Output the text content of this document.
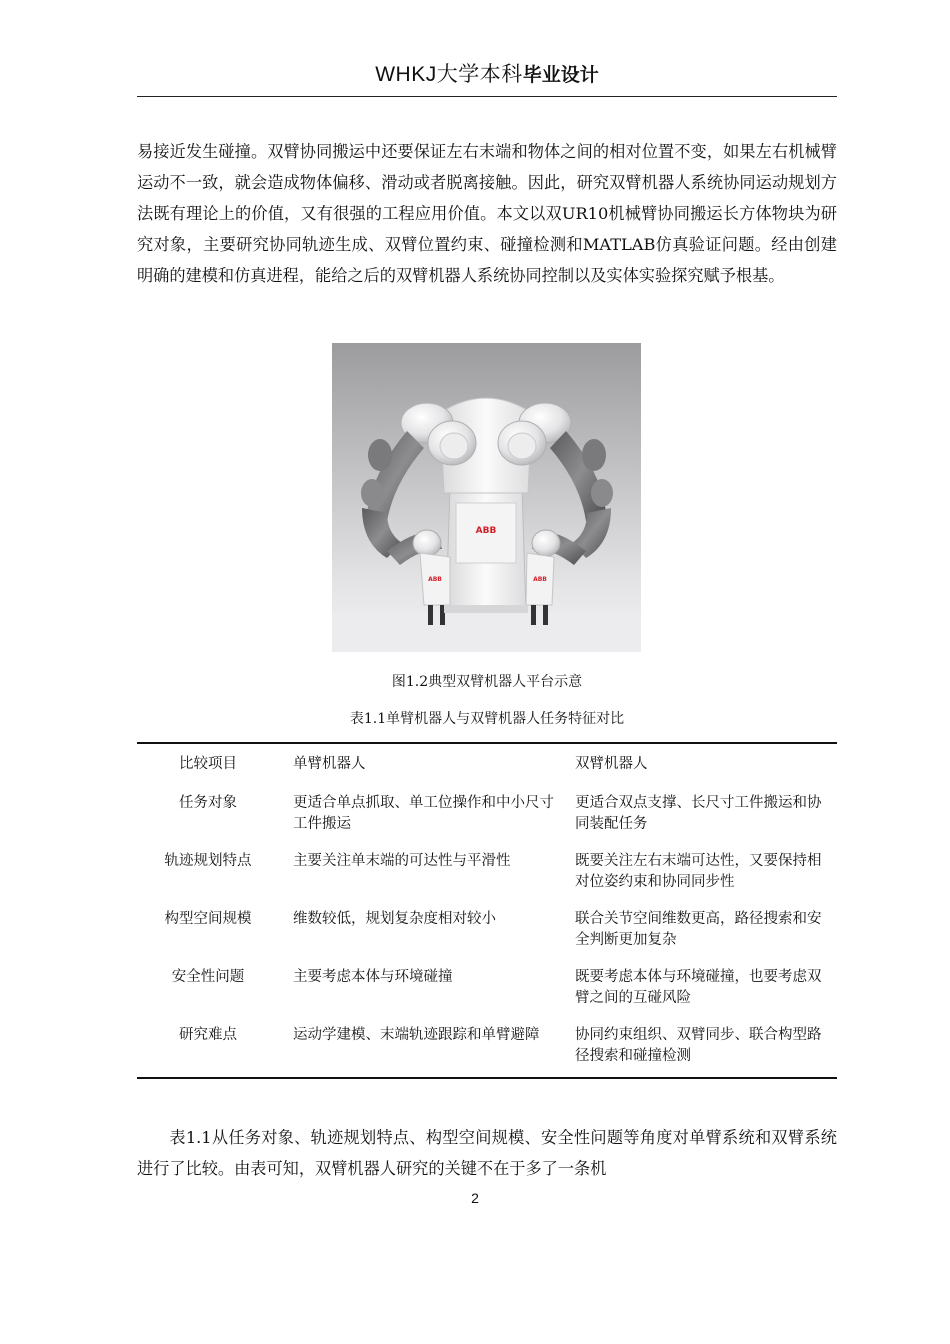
WHKJ大学本科毕业设计

易接近发生碰撞。双臂协同搬运中还要保证左右末端和物体之间的相对位置不变，如果左右机械臂运动不一致，就会造成物体偏移、滑动或者脱离接触。因此，研究双臂机器人系统协同运动规划方法既有理论上的价值，又有很强的工程应用价值。本文以双UR10机械臂协同搬运长方体物块为研究对象，主要研究协同轨迹生成、双臂位置约束、碰撞检测和MATLAB仿真验证问题。经由创建明确的建模和仿真进程，能给之后的双臂机器人系统协同控制以及实体实验探究赋予根基。

ABB
ABB	ABB
图1.2典型双臂机器人平台示意
表1.1单臂机器人与双臂机器人任务特征对比
比较项目	单臂机器人	双臂机器人
任务对象	更适合单点抓取、单工位操作和中小尺寸工件搬运	更适合双点支撑、长尺寸工件搬运和协同装配任务
轨迹规划特点	主要关注单末端的可达性与平滑性	既要关注左右末端可达性，又要保持相对位姿约束和协同同步性
构型空间规模	维数较低，规划复杂度相对较小	联合关节空间维数更高，路径搜索和安全判断更加复杂
安全性问题	主要考虑本体与环境碰撞	既要考虑本体与环境碰撞，也要考虑双臂之间的互碰风险
研究难点	运动学建模、末端轨迹跟踪和单臂避障	协同约束组织、双臂同步、联合构型路径搜索和碰撞检测

表1.1从任务对象、轨迹规划特点、构型空间规模、安全性问题等角度对单臂系统和双臂系统进行了比较。由表可知，双臂机器人研究的关键不在于多了一条机

2
